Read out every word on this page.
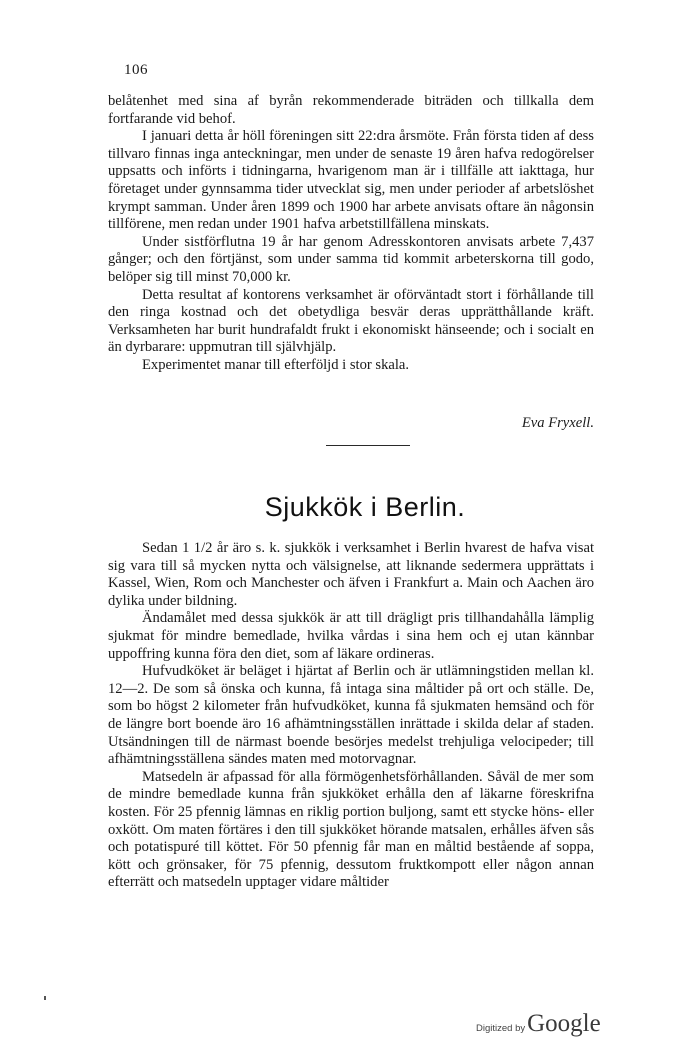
106

belåtenhet med sina af byrån rekommenderade biträden och tillkalla dem fortfarande vid behof.

I januari detta år höll föreningen sitt 22:dra årsmöte. Från första tiden af dess tillvaro finnas inga anteckningar, men under de senaste 19 åren hafva redogörelser uppsatts och införts i tidningarna, hvarigenom man är i tillfälle att iakttaga, hur företaget under gynnsamma tider utvecklat sig, men under perioder af arbetslöshet krympt samman. Under åren 1899 och 1900 har arbete anvisats oftare än någonsin tillförene, men redan under 1901 hafva arbetstillfällena minskats.

Under sistförflutna 19 år har genom Adresskontoren anvisats arbete 7,437 gånger; och den förtjänst, som under samma tid kommit arbeterskorna till godo, belöper sig till minst 70,000 kr.

Detta resultat af kontorens verksamhet är oförväntadt stort i förhållande till den ringa kostnad och det obetydliga besvär deras upprätthållande kräft. Verksamheten har burit hundrafaldt frukt i ekonomiskt hänseende; och i socialt en än dyrbarare: uppmutran till självhjälp.

Experimentet manar till efterföljd i stor skala.

Eva Fryxell.
Sjukkök i Berlin.

Sedan 1 1/2 år äro s. k. sjukkök i verksamhet i Berlin hvarest de hafva visat sig vara till så mycken nytta och välsignelse, att liknande sedermera upprättats i Kassel, Wien, Rom och Manchester och äfven i Frankfurt a. Main och Aachen äro dylika under bildning.

Ändamålet med dessa sjukkök är att till drägligt pris tillhandahålla lämplig sjukmat för mindre bemedlade, hvilka vårdas i sina hem och ej utan kännbar uppoffring kunna föra den diet, som af läkare ordineras.

Hufvudköket är beläget i hjärtat af Berlin och är utlämningstiden mellan kl. 12—2. De som så önska och kunna, få intaga sina måltider på ort och ställe. De, som bo högst 2 kilometer från hufvudköket, kunna få sjukmaten hemsänd och för de längre bort boende äro 16 afhämtningsställen inrättade i skilda delar af staden. Utsändningen till de närmast boende besörjes medelst trehjuliga velocipeder; till afhämtningsställena sändes maten med motorvagnar.

Matsedeln är afpassad för alla förmögenhetsförhållanden. Såväl de mer som de mindre bemedlade kunna från sjukköket erhålla den af läkarne föreskrifna kosten. För 25 pfennig lämnas en riklig portion buljong, samt ett stycke höns- eller oxkött. Om maten förtäres i den till sjukköket hörande matsalen, erhålles äfven sås och potatispuré till köttet. För 50 pfennig får man en måltid bestående af soppa, kött och grönsaker, för 75 pfennig, dessutom fruktkompott eller någon annan efterrätt och matsedeln upptager vidare måltider

Digitized by Google
